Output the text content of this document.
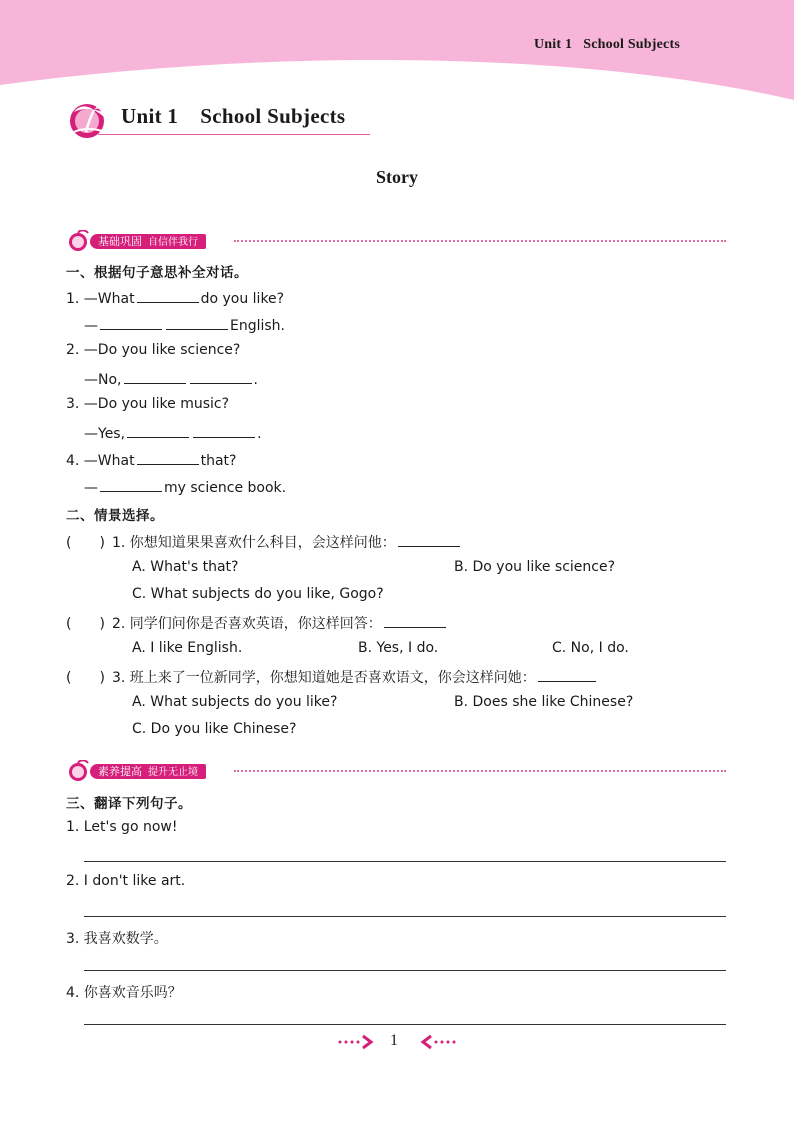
Unit 1   School Subjects
Unit 1 School Subjects
Story
基础巩固 自信伴我行
一、根据句子意思补全对话。
1. —What	do you like?
—	English.
2. —Do you like science?
—No,	.
3. —Do you like music?
—Yes,	.
4. —What	that?
—	my science book.
二、情景选择。
(　　) 1. 你想知道果果喜欢什么科目，会这样问他：
A. What's that?	B. Do you like science?
C. What subjects do you like, Gogo?
(　　) 2. 同学们问你是否喜欢英语，你这样回答：
A. I like English.	B. Yes, I do.	C. No, I do.
(　　) 3. 班上来了一位新同学，你想知道她是否喜欢语文，你会这样问她：
A. What subjects do you like?	B. Does she like Chinese?
C. Do you like Chinese?
素养提高 提升无止境
三、翻译下列句子。
1. Let's go now!
2. I don't like art.
3. 我喜欢数学。
4. 你喜欢音乐吗？
1
